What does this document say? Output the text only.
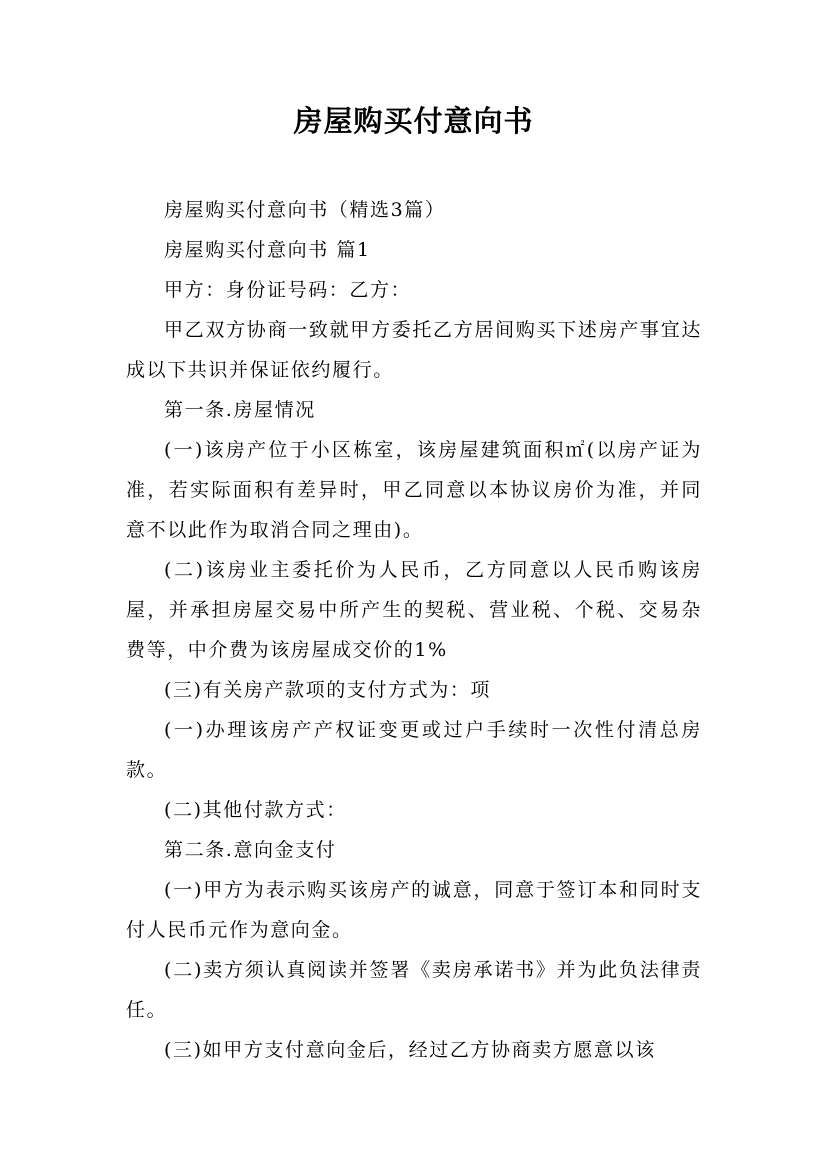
房屋购买付意向书

房屋购买付意向书（精选3篇）

房屋购买付意向书 篇1

甲方：身份证号码：乙方：

甲乙双方协商一致就甲方委托乙方居间购买下述房产事宜达成以下共识并保证依约履行。

第一条.房屋情况

(一)该房产位于小区栋室，该房屋建筑面积㎡(以房产证为准，若实际面积有差异时，甲乙同意以本协议房价为准，并同意不以此作为取消合同之理由)。

(二)该房业主委托价为人民币，乙方同意以人民币购该房屋，并承担房屋交易中所产生的契税、营业税、个税、交易杂费等，中介费为该房屋成交价的1%

(三)有关房产款项的支付方式为：项

(一)办理该房产产权证变更或过户手续时一次性付清总房款。

(二)其他付款方式：

第二条.意向金支付

(一)甲方为表示购买该房产的诚意，同意于签订本和同时支付人民币元作为意向金。

(二)卖方须认真阅读并签署《卖房承诺书》并为此负法律责任。

(三)如甲方支付意向金后，经过乙方协商卖方愿意以该
